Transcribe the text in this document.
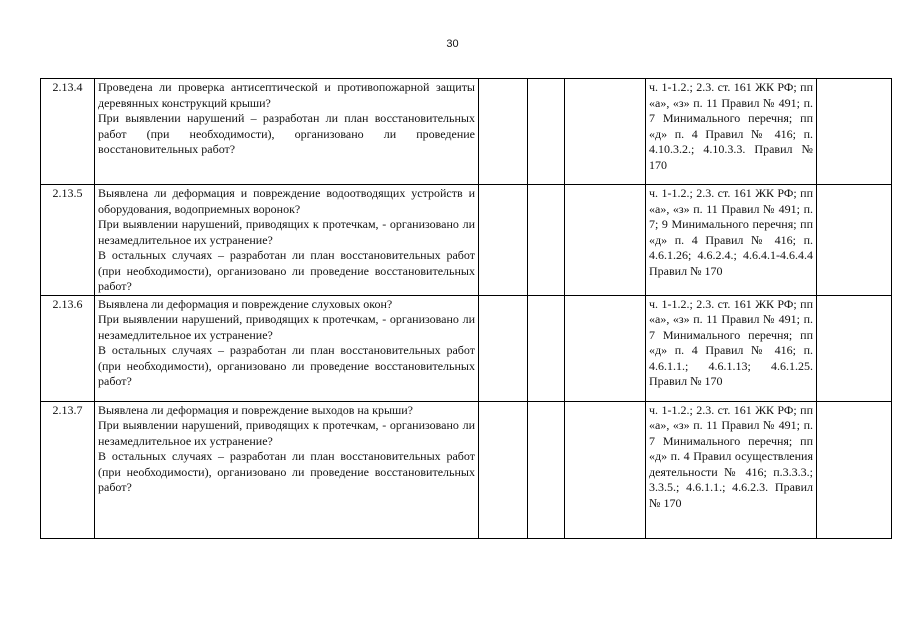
30
2.13.4	Проведена ли проверка антисептической и противопожарной защиты деревянных конструкций крыши?
При выявлении нарушений – разработан ли план восстановительных работ (при необходимости), организовано ли проведение восстановительных работ?				ч. 1-1.2.; 2.3. ст. 161 ЖК РФ; пп «а», «з» п. 11 Правил № 491; п. 7 Минимального перечня; пп «д» п. 4 Правил № 416; п. 4.10.3.2.; 4.10.3.3. Правил № 170	
2.13.5	Выявлена ли деформация и повреждение водоотводящих устройств и оборудования, водоприемных воронок?
При выявлении нарушений, приводящих к протечкам, - организовано ли незамедлительное их устранение?
В остальных случаях – разработан ли план восстановительных работ (при необходимости), организовано ли проведение восстановительных работ?				ч. 1-1.2.; 2.3. ст. 161 ЖК РФ; пп «а», «з» п. 11 Правил № 491; п. 7; 9 Минимального перечня; пп «д» п. 4 Правил № 416; п. 4.6.1.26; 4.6.2.4.; 4.6.4.1-4.6.4.4 Правил № 170	
2.13.6	Выявлена ли деформация и повреждение слуховых окон?
При выявлении нарушений, приводящих к протечкам, - организовано ли незамедлительное их устранение?
В остальных случаях – разработан ли план восстановительных работ (при необходимости), организовано ли проведение восстановительных работ?				ч. 1-1.2.; 2.3. ст. 161 ЖК РФ; пп «а», «з» п. 11 Правил № 491; п. 7 Минимального перечня; пп «д» п. 4 Правил № 416; п. 4.6.1.1.; 4.6.1.13; 4.6.1.25. Правил № 170	
2.13.7	Выявлена ли деформация и повреждение выходов на крыши?
При выявлении нарушений, приводящих к протечкам, - организовано ли незамедлительное их устранение?
В остальных случаях – разработан ли план восстановительных работ (при необходимости), организовано ли проведение восстановительных работ?				ч. 1-1.2.; 2.3. ст. 161 ЖК РФ; пп «а», «з» п. 11 Правил № 491; п. 7 Минимального перечня; пп «д» п. 4 Правил осуществления деятельности № 416; п.3.3.3.; 3.3.5.; 4.6.1.1.; 4.6.2.3. Правил № 170	
